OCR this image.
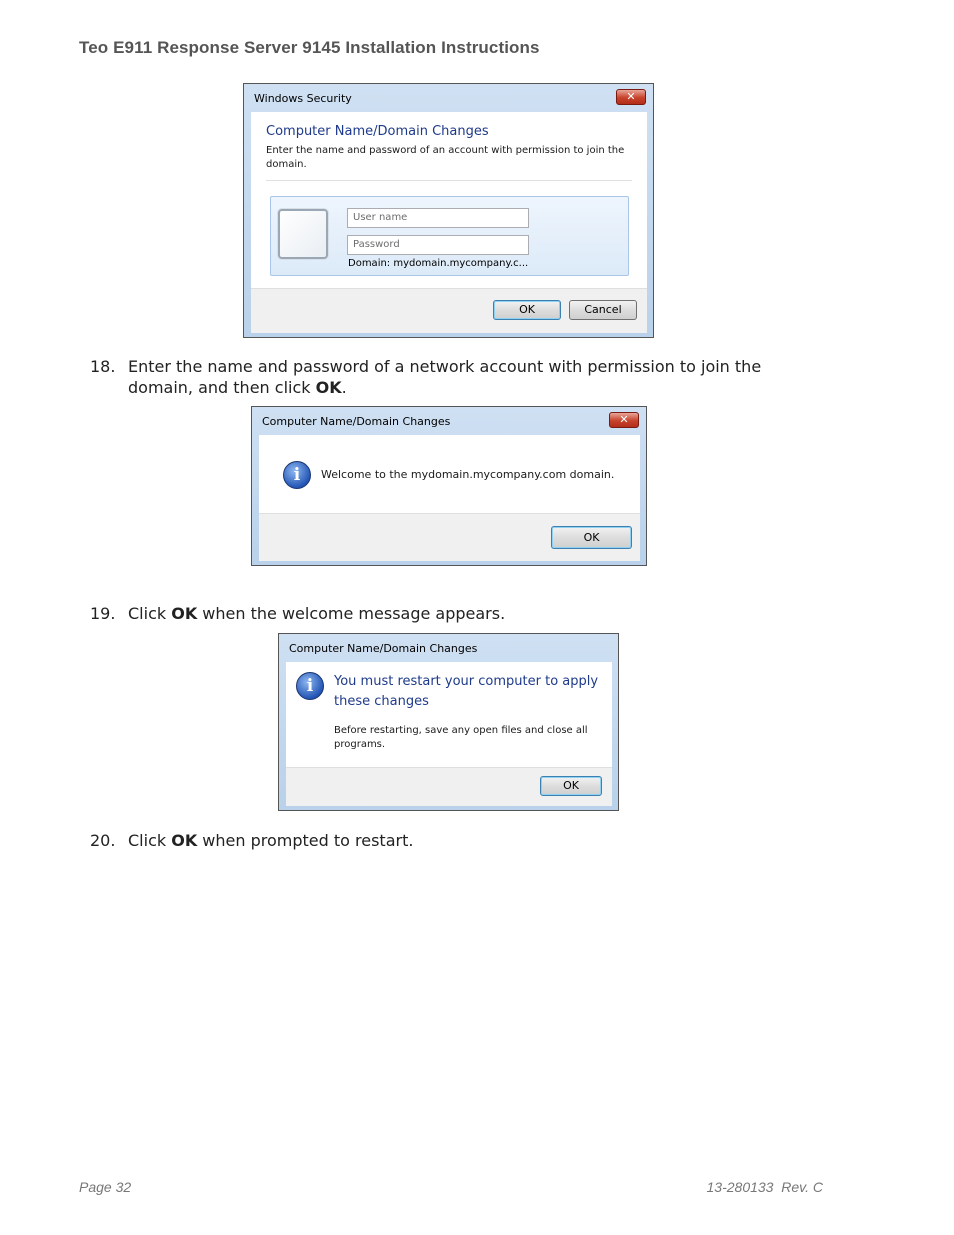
Teo E911 Response Server 9145 Installation Instructions
Windows Security	✕
Computer Name/Domain Changes
Enter the name and password of an account with permission to join the domain.
User name
Password
Domain: mydomain.mycompany.c...
OK	Cancel
18. Enter the name and password of a network account with permission to join the
domain, and then click OK.
Computer Name/Domain Changes	✕
i	Welcome to the mydomain.mycompany.com domain.
OK
19. Click OK when the welcome message appears.
Computer Name/Domain Changes
i	You must restart your computer to apply
these changes
Before restarting, save any open files and close all
programs.
OK
20. Click OK when prompted to restart.
Page 32	13-280133  Rev. C
